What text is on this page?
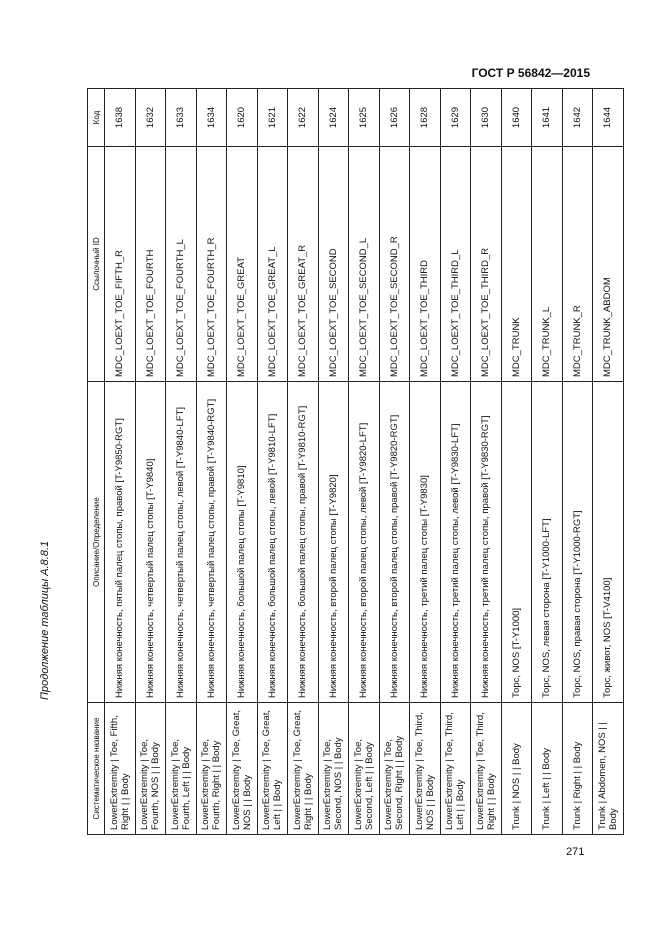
ГОСТ Р 56842—2015
Продолжение таблицы А.8.8.1
Систематическое название	Описание/Определение	Ссылочный ID	Код
LowerExtremity | Toe, Fifth, Right | | Body	Нижняя конечность, пятый палец стопы, правой [T-Y9850-RGT]	MDC_LOEXT_TOE_FIFTH_R	1638
LowerExtremity | Toe, Fourth, NOS | | Body	Нижняя конечность, четвертый палец стопы [T-Y9840]	MDC_LOEXT_TOE_FOURTH	1632
LowerExtremity | Toe, Fourth, Left | | Body	Нижняя конечность, четвертый палец стопы, левой [T-Y9840-LFT]	MDC_LOEXT_TOE_FOURTH_L	1633
LowerExtremity | Toe, Fourth, Right | | Body	Нижняя конечность, четвертый палец стопы, правой [T-Y9840-RGT]	MDC_LOEXT_TOE_FOURTH_R	1634
LowerExtremity | Toe, Great, NOS | | Body	Нижняя конечность, большой палец стопы [T-Y9810]	MDC_LOEXT_TOE_GREAT	1620
LowerExtremity | Toe, Great, Left | | Body	Нижняя конечность, большой палец стопы, левой [T-Y9810-LFT]	MDC_LOEXT_TOE_GREAT_L	1621
LowerExtremity | Toe, Great, Right | | Body	Нижняя конечность, большой палец стопы, правой [T-Y9810-RGT]	MDC_LOEXT_TOE_GREAT_R	1622
LowerExtremity | Toe, Second, NOS | | Body	Нижняя конечность, второй палец стопы [T-Y9820]	MDC_LOEXT_TOE_SECOND	1624
LowerExtremity | Toe, Second, Left | | Body	Нижняя конечность, второй палец стопы, левой [T-Y9820-LFT]	MDC_LOEXT_TOE_SECOND_L	1625
LowerExtremity | Toe, Second, Right | | Body	Нижняя конечность, второй палец стопы, правой [T-Y9820-RGT]	MDC_LOEXT_TOE_SECOND_R	1626
LowerExtremity | Toe, Third, NOS | | Body	Нижняя конечность, третий палец стопы [T-Y9830]	MDC_LOEXT_TOE_THIRD	1628
LowerExtremity | Toe, Third, Left | | Body	Нижняя конечность, третий палец стопы, левой [T-Y9830-LFT]	MDC_LOEXT_TOE_THIRD_L	1629
LowerExtremity | Toe, Third, Right | | Body	Нижняя конечность, третий палец стопы, правой [T-Y9830-RGT]	MDC_LOEXT_TOE_THIRD_R	1630
Trunk | NOS | | Body	Торс, NOS [T-Y1000]	MDC_TRUNK	1640
Trunk | Left | | Body	Торс, NOS, левая сторона [T-Y1000-LFT]	MDC_TRUNK_L	1641
Trunk | Right | | Body	Торс, NOS, правая сторона [T-Y1000-RGT]	MDC_TRUNK_R	1642
Trunk | Abdomen, NOS | | Body	Торс, живот, NOS [T-V4100]	MDC_TRUNK_ABDOM	1644
271
